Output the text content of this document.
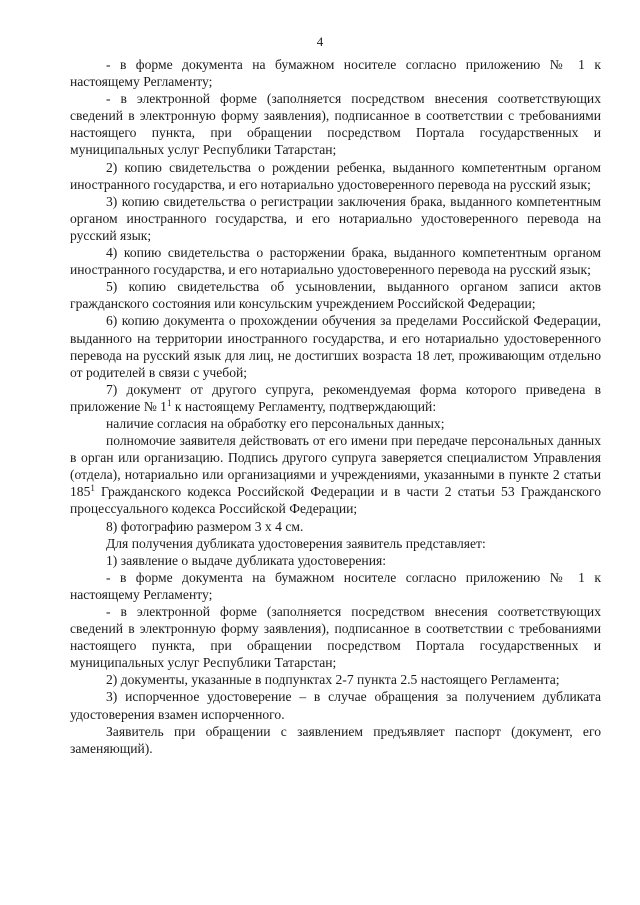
4

- в форме документа на бумажном носителе согласно приложению № 1 к настоящему Регламенту;

- в электронной форме (заполняется посредством внесения соответствующих сведений в электронную форму заявления), подписанное в соответствии с требованиями настоящего пункта, при обращении посредством Портала государственных и муниципальных услуг Республики Татарстан;

2) копию свидетельства о рождении ребенка, выданного компетентным органом иностранного государства, и его нотариально удостоверенного перевода на русский язык;

3) копию свидетельства о регистрации заключения брака, выданного компетентным органом иностранного государства, и его нотариально удостоверенного перевода на русский язык;

4) копию свидетельства о расторжении брака, выданного компетентным органом иностранного государства, и его нотариально удостоверенного перевода на русский язык;

5) копию свидетельства об усыновлении, выданного органом записи актов гражданского состояния или консульским учреждением Российской Федерации;

6) копию документа о прохождении обучения за пределами Российской Федерации, выданного на территории иностранного государства, и его нотариально удостоверенного перевода на русский язык для лиц, не достигших возраста 18 лет, проживающим отдельно от родителей в связи с учебой;

7) документ от другого супруга, рекомендуемая форма которого приведена в приложение № $1^1$ к настоящему Регламенту, подтверждающий:

наличие согласия на обработку его персональных данных;

полномочие заявителя действовать от его имени при передаче персональных данных в орган или организацию. Подпись другого супруга заверяется специалистом Управления (отдела), нотариально или организациями и учреждениями, указанными в пункте 2 статьи $185^1$ Гражданского кодекса Российской Федерации и в части 2 статьи 53 Гражданского процессуального кодекса Российской Федерации;

8) фотографию размером 3 х 4 см.

Для получения дубликата удостоверения заявитель представляет:

1) заявление о выдаче дубликата удостоверения:

- в форме документа на бумажном носителе согласно приложению № 1 к настоящему Регламенту;

- в электронной форме (заполняется посредством внесения соответствующих сведений в электронную форму заявления), подписанное в соответствии с требованиями настоящего пункта, при обращении посредством Портала государственных и муниципальных услуг Республики Татарстан;

2) документы, указанные в подпунктах 2-7 пункта 2.5 настоящего Регламента;

3) испорченное удостоверение – в случае обращения за получением дубликата удостоверения взамен испорченного.

Заявитель при обращении с заявлением предъявляет паспорт (документ, его заменяющий).
